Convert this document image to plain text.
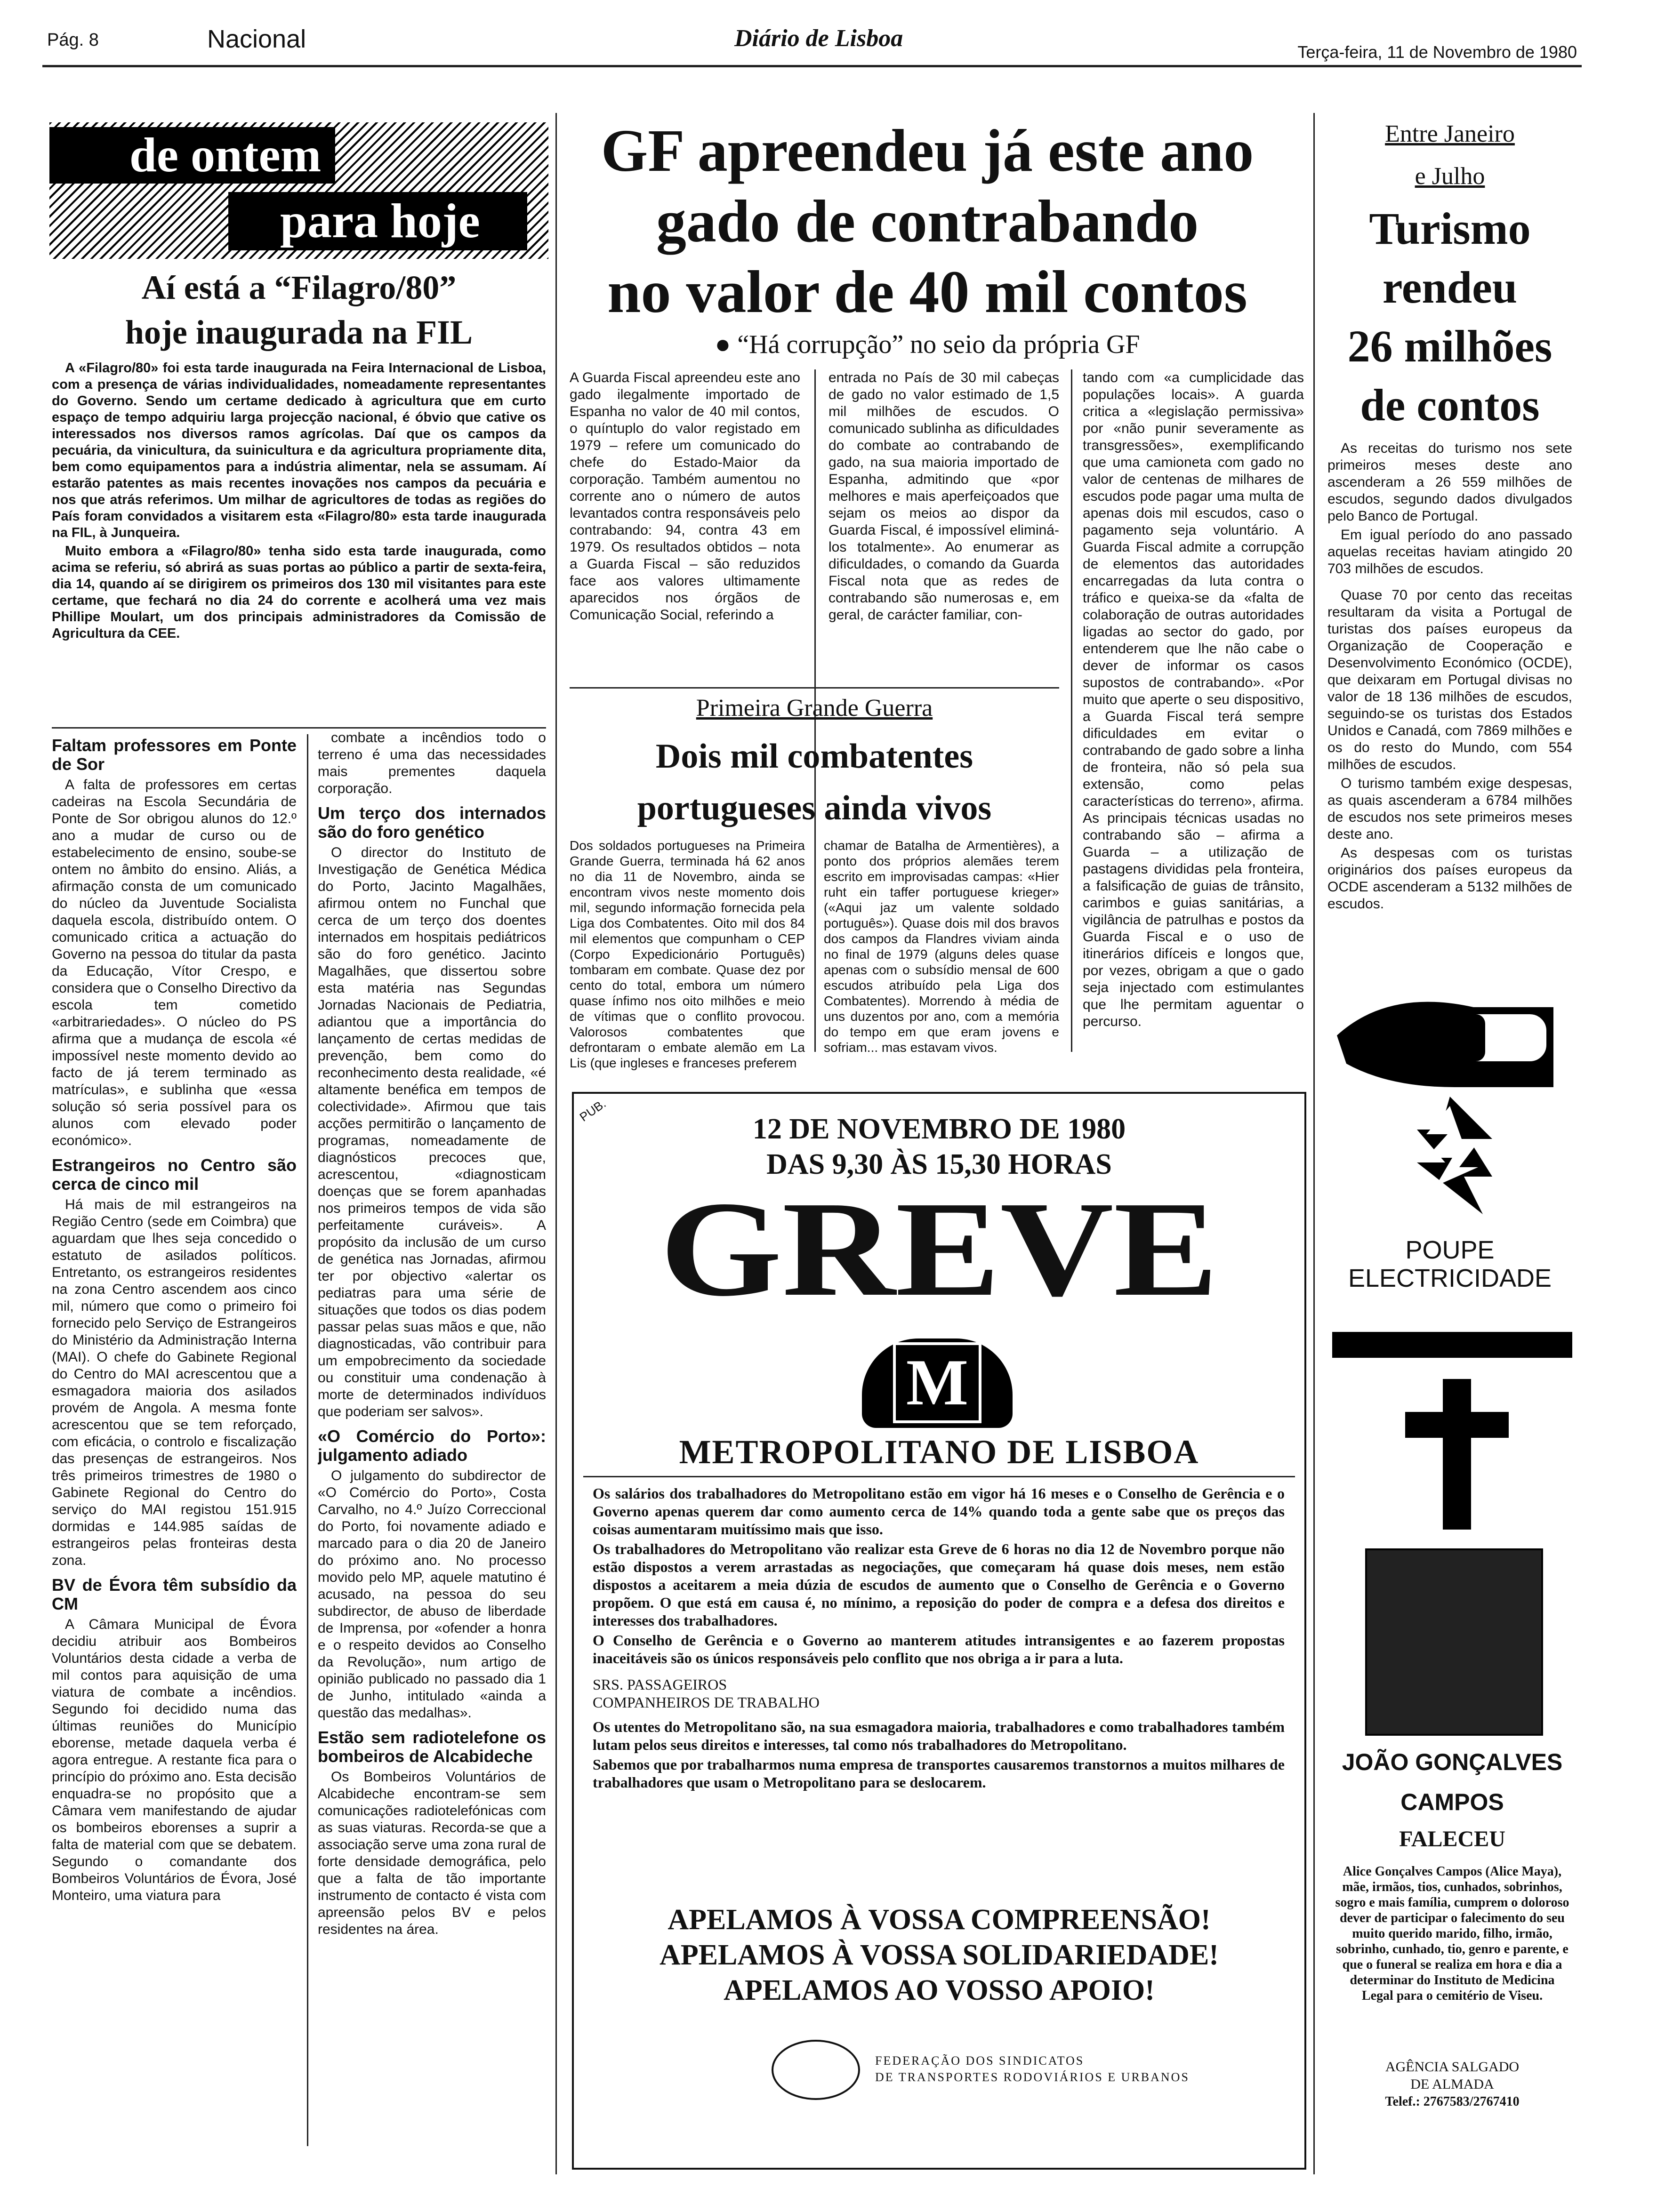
Pág. 8	Nacional	Diário de Lisboa
Terça-feira, 11 de Novembro de 1980
de ontem
para hoje
Aí está a “Filagro/80”
hoje inaugurada na FIL

A «Filagro/80» foi esta tarde inaugurada na Feira Internacional de Lisboa, com a presença de várias individualidades, nomeadamente representantes do Governo. Sendo um certame dedicado à agricultura que em curto espaço de tempo adquiriu larga projecção nacional, é óbvio que cative os interessados nos diversos ramos agrícolas. Daí que os campos da pecuária, da vinicultura, da suinicultura e da agricultura propriamente dita, bem como equipamentos para a indústria alimentar, nela se assumam. Aí estarão patentes as mais recentes inovações nos campos da pecuária e nos que atrás referimos. Um milhar de agricultores de todas as regiões do País foram convidados a visitarem esta «Filagro/80» esta tarde inaugurada na FIL, à Junqueira.

Muito embora a «Filagro/80» tenha sido esta tarde inaugurada, como acima se referiu, só abrirá as suas portas ao público a partir de sexta-feira, dia 14, quando aí se dirigirem os primeiros dos 130 mil visitantes para este certame, que fechará no dia 24 do corrente e acolherá uma vez mais Phillipe Moulart, um dos principais administradores da Comissão de Agricultura da CEE.

Faltam professores em Ponte de Sor

A falta de professores em certas cadeiras na Escola Secundária de Ponte de Sor obrigou alunos do 12.º ano a mudar de curso ou de estabelecimento de ensino, soube-se ontem no âmbito do ensino. Aliás, a afirmação consta de um comunicado do núcleo da Juventude Socialista daquela escola, distribuído ontem. O comunicado critica a actuação do Governo na pessoa do titular da pasta da Educação, Vítor Crespo, e considera que o Conselho Directivo da escola tem cometido «arbitrariedades». O núcleo do PS afirma que a mudança de escola «é impossível neste momento devido ao facto de já terem terminado as matrículas», e sublinha que «essa solução só seria possível para os alunos com elevado poder económico».

Estrangeiros no Centro são cerca de cinco mil

Há mais de mil estrangeiros na Região Centro (sede em Coimbra) que aguardam que lhes seja concedido o estatuto de asilados políticos. Entretanto, os estrangeiros residentes na zona Centro ascendem aos cinco mil, número que como o primeiro foi fornecido pelo Serviço de Estrangeiros do Ministério da Administração Interna (MAI). O chefe do Gabinete Regional do Centro do MAI acrescentou que a esmagadora maioria dos asilados provém de Angola. A mesma fonte acrescentou que se tem reforçado, com eficácia, o controlo e fiscalização das presenças de estrangeiros. Nos três primeiros trimestres de 1980 o Gabinete Regional do Centro do serviço do MAI registou 151.915 dormidas e 144.985 saídas de estrangeiros pelas fronteiras desta zona.

BV de Évora têm subsídio da CM

A Câmara Municipal de Évora decidiu atribuir aos Bombeiros Voluntários desta cidade a verba de mil contos para aquisição de uma viatura de combate a incêndios. Segundo foi decidido numa das últimas reuniões do Município eborense, metade daquela verba é agora entregue. A restante fica para o princípio do próximo ano. Esta decisão enquadra-se no propósito que a Câmara vem manifestando de ajudar os bombeiros eborenses a suprir a falta de material com que se debatem. Segundo o comandante dos Bombeiros Voluntários de Évora, José Monteiro, uma viatura para

combate a incêndios todo o terreno é uma das necessidades mais prementes daquela corporação.

Um terço dos internados são do foro genético

O director do Instituto de Investigação de Genética Médica do Porto, Jacinto Magalhães, afirmou ontem no Funchal que cerca de um terço dos doentes internados em hospitais pediátricos são do foro genético. Jacinto Magalhães, que dissertou sobre esta matéria nas Segundas Jornadas Nacionais de Pediatria, adiantou que a importância do lançamento de certas medidas de prevenção, bem como do reconhecimento desta realidade, «é altamente benéfica em tempos de colectividade». Afirmou que tais acções permitirão o lançamento de programas, nomeadamente de diagnósticos precoces que, acrescentou, «diagnosticam doenças que se forem apanhadas nos primeiros tempos de vida são perfeitamente curáveis». A propósito da inclusão de um curso de genética nas Jornadas, afirmou ter por objectivo «alertar os pediatras para uma série de situações que todos os dias podem passar pelas suas mãos e que, não diagnosticadas, vão contribuir para um empobrecimento da sociedade ou constituir uma condenação à morte de determinados indivíduos que poderiam ser salvos».

«O Comércio do Porto»: julgamento adiado

O julgamento do subdirector de «O Comércio do Porto», Costa Carvalho, no 4.º Juízo Correccional do Porto, foi novamente adiado e marcado para o dia 20 de Janeiro do próximo ano. No processo movido pelo MP, aquele matutino é acusado, na pessoa do seu subdirector, de abuso de liberdade de Imprensa, por «ofender a honra e o respeito devidos ao Conselho da Revolução», num artigo de opinião publicado no passado dia 1 de Junho, intitulado «ainda a questão das medalhas».

Estão sem radiotelefone os bombeiros de Alcabideche

Os Bombeiros Voluntários de Alcabideche encontram-se sem comunicações radiotelefónicas com as suas viaturas. Recorda-se que a associação serve uma zona rural de forte densidade demográfica, pelo que a falta de tão importante instrumento de contacto é vista com apreensão pelos BV e pelos residentes na área.

GF apreendeu já este ano
gado de contrabando
no valor de 40 mil contos
● “Há corrupção” no seio da própria GF
A Guarda Fiscal apreendeu este ano gado ilegalmente importado de Espanha no valor de 40 mil contos, o quíntuplo do valor registado em 1979 – refere um comunicado do chefe do Estado-Maior da corporação. Também aumentou no corrente ano o número de autos levantados contra responsáveis pelo contrabando: 94, contra 43 em 1979. Os resultados obtidos – nota a Guarda Fiscal – são reduzidos face aos valores ultimamente aparecidos nos órgãos de Comunicação Social, referindo a
entrada no País de 30 mil cabeças de gado no valor estimado de 1,5 mil milhões de escudos. O comunicado sublinha as dificuldades do combate ao contrabando de gado, na sua maioria importado de Espanha, admitindo que «por melhores e mais aperfeiçoados que sejam os meios ao dispor da Guarda Fiscal, é impossível eliminá-los totalmente». Ao enumerar as dificuldades, o comando da Guarda Fiscal nota que as redes de contrabando são numerosas e, em geral, de carácter familiar, con-
tando com «a cumplicidade das populações locais». A guarda critica a «legislação permissiva» por «não punir severamente as transgressões», exemplificando que uma camioneta com gado no valor de centenas de milhares de escudos pode pagar uma multa de apenas dois mil escudos, caso o pagamento seja voluntário. A Guarda Fiscal admite a corrupção de elementos das autoridades encarregadas da luta contra o tráfico e queixa-se da «falta de colaboração de outras autoridades ligadas ao sector do gado, por entenderem que lhe não cabe o dever de informar os casos supostos de contrabando». «Por muito que aperte o seu dispositivo, a Guarda Fiscal terá sempre dificuldades em evitar o contrabando de gado sobre a linha de fronteira, não só pela sua extensão, como pelas características do terreno», afirma. As principais técnicas usadas no contrabando são – afirma a Guarda – a utilização de pastagens divididas pela fronteira, a falsificação de guias de trânsito, carimbos e guias sanitárias, a vigilância de patrulhas e postos da Guarda Fiscal e o uso de itinerários difíceis e longos que, por vezes, obrigam a que o gado seja injectado com estimulantes que lhe permitam aguentar o percurso.
Primeira Grande Guerra
Dois mil combatentes
portugueses ainda vivos
Dos soldados portugueses na Primeira Grande Guerra, terminada há 62 anos no dia 11 de Novembro, ainda se encontram vivos neste momento dois mil, segundo informação fornecida pela Liga dos Combatentes. Oito mil dos 84 mil elementos que compunham o CEP (Corpo Expedicionário Português) tombaram em combate. Quase dez por cento do total, embora um número quase ínfimo nos oito milhões e meio de vítimas que o conflito provocou. Valorosos combatentes que defrontaram o embate alemão em La Lis (que ingleses e franceses preferem
chamar de Batalha de Armentières), a ponto dos próprios alemães terem escrito em improvisadas campas: «Hier ruht ein taffer portuguese krieger» («Aqui jaz um valente soldado português»). Quase dois mil dos bravos dos campos da Flandres viviam ainda no final de 1979 (alguns deles quase apenas com o subsídio mensal de 600 escudos atribuído pela Liga dos Combatentes). Morrendo à média de uns duzentos por ano, com a memória do tempo em que eram jovens e sofriam... mas estavam vivos.
PUB.
12 DE NOVEMBRO DE 1980
DAS 9,30 ÀS 15,30 HORAS
GREVE
M
METROPOLITANO DE LISBOA

Os salários dos trabalhadores do Metropolitano estão em vigor há 16 meses e o Conselho de Gerência e o Governo apenas querem dar como aumento cerca de 14% quando toda a gente sabe que os preços das coisas aumentaram muitíssimo mais que isso.

Os trabalhadores do Metropolitano vão realizar esta Greve de 6 horas no dia 12 de Novembro porque não estão dispostos a verem arrastadas as negociações, que começaram há quase dois meses, nem estão dispostos a aceitarem a meia dúzia de escudos de aumento que o Conselho de Gerência e o Governo propõem. O que está em causa é, no mínimo, a reposição do poder de compra e a defesa dos direitos e interesses dos trabalhadores.

O Conselho de Gerência e o Governo ao manterem atitudes intransigentes e ao fazerem propostas inaceitáveis são os únicos responsáveis pelo conflito que nos obriga a ir para a luta.

SRS. PASSAGEIROS
COMPANHEIROS DE TRABALHO

Os utentes do Metropolitano são, na sua esmagadora maioria, trabalhadores e como trabalhadores também lutam pelos seus direitos e interesses, tal como nós trabalhadores do Metropolitano.

Sabemos que por trabalharmos numa empresa de transportes causaremos transtornos a muitos milhares de trabalhadores que usam o Metropolitano para se deslocarem.

APELAMOS À VOSSA COMPREENSÃO!
APELAMOS À VOSSA SOLIDARIEDADE!
APELAMOS AO VOSSO APOIO!
FEDERAÇÃO DOS SINDICATOS
DE TRANSPORTES RODOVIÁRIOS E URBANOS
Entre Janeiro
e Julho
Turismo
rendeu
26 milhões
de contos

As receitas do turismo nos sete primeiros meses deste ano ascenderam a 26 559 milhões de escudos, segundo dados divulgados pelo Banco de Portugal.

Em igual período do ano passado aquelas receitas haviam atingido 20 703 milhões de escudos.

Quase 70 por cento das receitas resultaram da visita a Portugal de turistas dos países europeus da Organização de Cooperação e Desenvolvimento Económico (OCDE), que deixaram em Portugal divisas no valor de 18 136 milhões de escudos, seguindo-se os turistas dos Estados Unidos e Canadá, com 7869 milhões e os do resto do Mundo, com 554 milhões de escudos.

O turismo também exige despesas, as quais ascenderam a 6784 milhões de escudos nos sete primeiros meses deste ano.

As despesas com os turistas originários dos países europeus da OCDE ascenderam a 5132 milhões de escudos.

POUPE
ELECTRICIDADE
JOÃO GONÇALVES
CAMPOS
FALECEU
Alice Gonçalves Campos (Alice Maya), mãe, irmãos, tios, cunhados, sobrinhos, sogro e mais família, cumprem o doloroso dever de participar o falecimento do seu muito querido marido, filho, irmão, sobrinho, cunhado, tio, genro e parente, e que o funeral se realiza em hora e dia a determinar do Instituto de Medicina Legal para o cemitério de Viseu.
AGÊNCIA SALGADO
DE ALMADA
Telef.: 2767583/2767410
